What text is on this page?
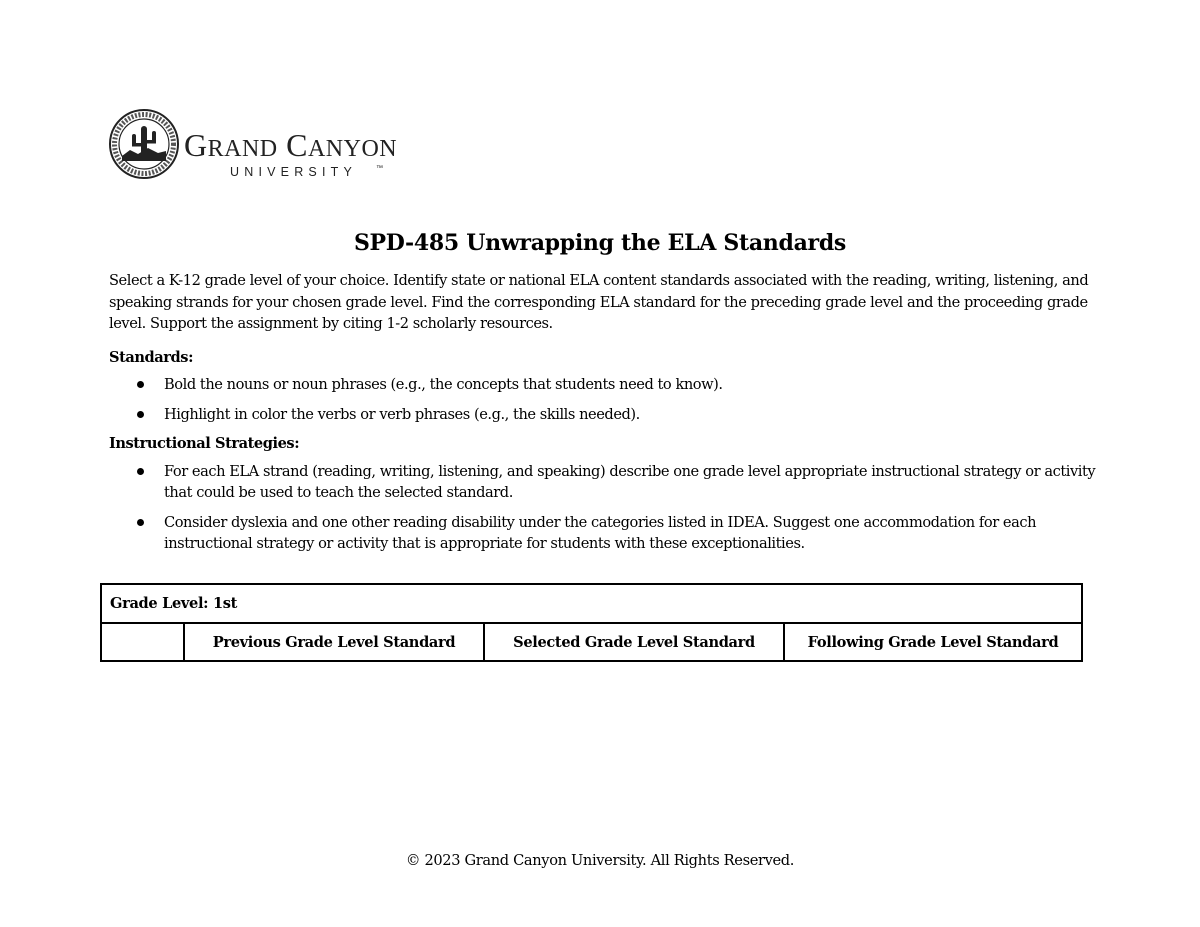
GRAND CANYON
UNIVERSITY	™
SPD-485 Unwrapping the ELA Standards

Select a K-12 grade level of your choice. Identify state or national ELA content standards associated with the reading, writing, listening, and speaking strands for your chosen grade level. Find the corresponding ELA standard for the preceding grade level and the proceeding grade level. Support the assignment by citing 1-2 scholarly resources.

Standards:

Bold the nouns or noun phrases (e.g., the concepts that students need to know).
Highlight in color the verbs or verb phrases (e.g., the skills needed).

Instructional Strategies:

For each ELA strand (reading, writing, listening, and speaking) describe one grade level appropriate instructional strategy or activity that could be used to teach the selected standard.
Consider dyslexia and one other reading disability under the categories listed in IDEA. Suggest one accommodation for each instructional strategy or activity that is appropriate for students with these exceptionalities.
Grade Level: 1st
	Previous Grade Level Standard	Selected Grade Level Standard	Following Grade Level Standard

© 2023 Grand Canyon University. All Rights Reserved.
